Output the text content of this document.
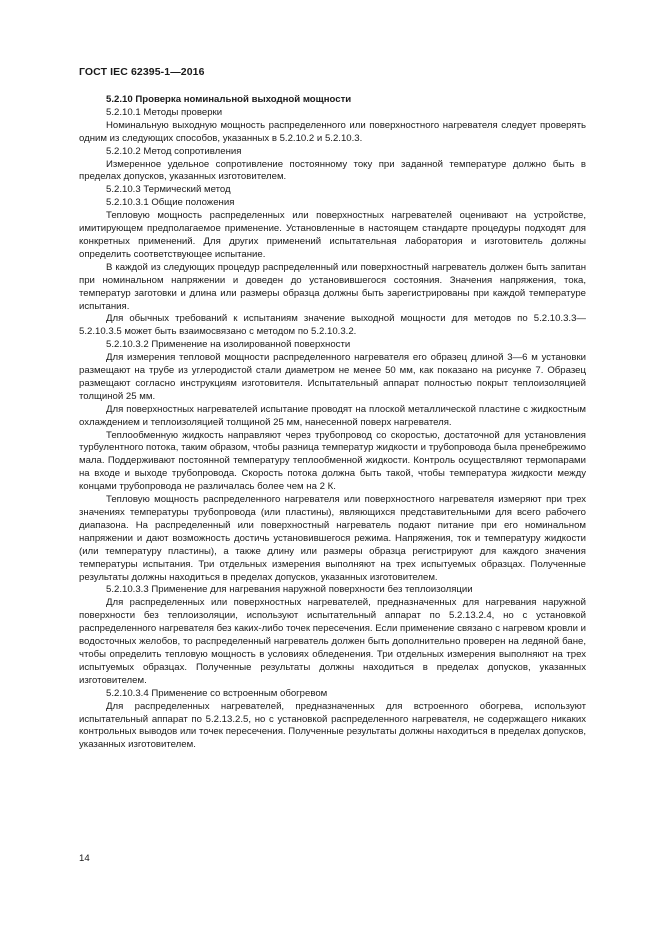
ГОСТ IEC 62395-1—2016

5.2.10 Проверка номинальной выходной мощности

5.2.10.1 Методы проверки

Номинальную выходную мощность распределенного или поверхностного нагревателя следует проверять одним из следующих способов, указанных в 5.2.10.2 и 5.2.10.3.

5.2.10.2 Метод сопротивления

Измеренное удельное сопротивление постоянному току при заданной температуре должно быть в пределах допусков, указанных изготовителем.

5.2.10.3 Термический метод

5.2.10.3.1 Общие положения

Тепловую мощность распределенных или поверхностных нагревателей оценивают на устройстве, имитирующем предполагаемое применение. Установленные в настоящем стандарте процедуры подходят для конкретных применений. Для других применений испытательная лаборатория и изготовитель должны определить соответствующее испытание.

В каждой из следующих процедур распределенный или поверхностный нагреватель должен быть запитан при номинальном напряжении и доведен до установившегося состояния. Значения напряжения, тока, температур заготовки и длина или размеры образца должны быть зарегистрированы при каждой температуре испытания.

Для обычных требований к испытаниям значение выходной мощности для методов по 5.2.10.3.3—5.2.10.3.5 может быть взаимосвязано с методом по 5.2.10.3.2.

5.2.10.3.2 Применение на изолированной поверхности

Для измерения тепловой мощности распределенного нагревателя его образец длиной 3—6 м установки размещают на трубе из углеродистой стали диаметром не менее 50 мм, как показано на рисунке 7. Образец размещают согласно инструкциям изготовителя. Испытательный аппарат полностью покрыт теплоизоляцией толщиной 25 мм.

Для поверхностных нагревателей испытание проводят на плоской металлической пластине с жидкостным охлаждением и теплоизоляцией толщиной 25 мм, нанесенной поверх нагревателя.

Теплообменную жидкость направляют через трубопровод со скоростью, достаточной для установления турбулентного потока, таким образом, чтобы разница температур жидкости и трубопровода была пренебрежимо мала. Поддерживают постоянной температуру теплообменной жидкости. Контроль осуществляют термопарами на входе и выходе трубопровода. Скорость потока должна быть такой, чтобы температура жидкости между концами трубопровода не различалась более чем на 2 К.

Тепловую мощность распределенного нагревателя или поверхностного нагревателя измеряют при трех значениях температуры трубопровода (или пластины), являющихся представительными для всего рабочего диапазона. На распределенный или поверхностный нагреватель подают питание при его номинальном напряжении и дают возможность достичь установившегося режима. Напряжения, ток и температуру жидкости (или температуру пластины), а также длину или размеры образца регистрируют для каждого значения температуры испытания. Три отдельных измерения выполняют на трех испытуемых образцах. Полученные результаты должны находиться в пределах допусков, указанных изготовителем.

5.2.10.3.3 Применение для нагревания наружной поверхности без теплоизоляции

Для распределенных или поверхностных нагревателей, предназначенных для нагревания наружной поверхности без теплоизоляции, используют испытательный аппарат по 5.2.13.2.4, но с установкой распределенного нагревателя без каких-либо точек пересечения. Если применение связано с нагревом кровли и водосточных желобов, то распределенный нагреватель должен быть дополнительно проверен на ледяной бане, чтобы определить тепловую мощность в условиях обледенения. Три отдельных измерения выполняют на трех испытуемых образцах. Полученные результаты должны находиться в пределах допусков, указанных изготовителем.

5.2.10.3.4 Применение со встроенным обогревом

Для распределенных нагревателей, предназначенных для встроенного обогрева, используют испытательный аппарат по 5.2.13.2.5, но с установкой распределенного нагревателя, не содержащего никаких контрольных выводов или точек пересечения. Полученные результаты должны находиться в пределах допусков, указанных изготовителем.

14
